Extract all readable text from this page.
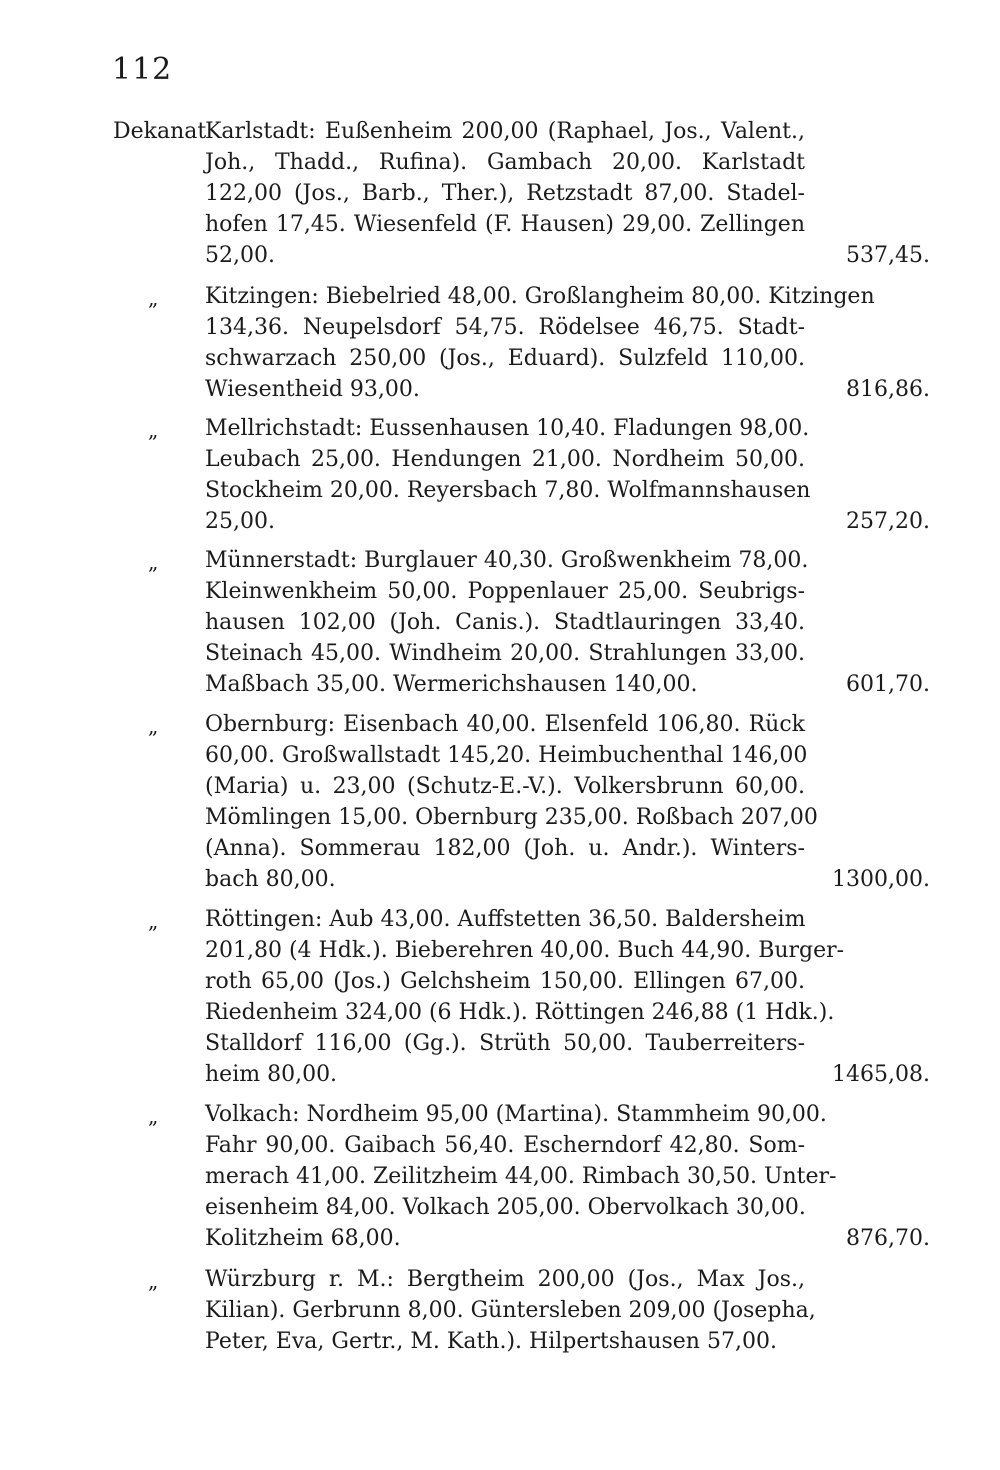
112
Dekanat
Karlstadt: Eußenheim 200,00 (Raphael, Jos., Valent.,
Joh., Thadd., Rufina). Gambach 20,00. Karlstadt
122,00 (Jos., Barb., Ther.), Retzstadt 87,00. Stadel-
hofen 17,45. Wiesenfeld (F. Hausen) 29,00. Zellingen
52,00.	537,45.
„ Kitzingen: Biebelried 48,00. Großlangheim 80,00. Kitzingen
134,36. Neupelsdorf 54,75. Rödelsee 46,75. Stadt-
schwarzach 250,00 (Jos., Eduard). Sulzfeld 110,00.
Wiesentheid 93,00.	816,86.
„ Mellrichstadt: Eussenhausen 10,40. Fladungen 98,00.
Leubach 25,00. Hendungen 21,00. Nordheim 50,00.
Stockheim 20,00. Reyersbach 7,80. Wolfmannshausen
25,00.	257,20.
„ Münnerstadt: Burglauer 40,30. Großwenkheim 78,00.
Kleinwenkheim 50,00. Poppenlauer 25,00. Seubrigs-
hausen 102,00 (Joh. Canis.). Stadtlauringen 33,40.
Steinach 45,00. Windheim 20,00. Strahlungen 33,00.
Maßbach 35,00. Wermerichshausen 140,00.	601,70.
„ Obernburg: Eisenbach 40,00. Elsenfeld 106,80. Rück
60,00. Großwallstadt 145,20. Heimbuchenthal 146,00
(Maria) u. 23,00 (Schutz-E.-V.). Volkersbrunn 60,00.
Mömlingen 15,00. Obernburg 235,00. Roßbach 207,00
(Anna). Sommerau 182,00 (Joh. u. Andr.). Winters-
bach 80,00.	1300,00.
„ Röttingen: Aub 43,00. Auffstetten 36,50. Baldersheim
201,80 (4 Hdk.). Bieberehren 40,00. Buch 44,90. Burger-
roth 65,00 (Jos.) Gelchsheim 150,00. Ellingen 67,00.
Riedenheim 324,00 (6 Hdk.). Röttingen 246,88 (1 Hdk.).
Stalldorf 116,00 (Gg.). Strüth 50,00. Tauberreiters-
heim 80,00.	1465,08.
„ Volkach: Nordheim 95,00 (Martina). Stammheim 90,00.
Fahr 90,00. Gaibach 56,40. Escherndorf 42,80. Som-
merach 41,00. Zeilitzheim 44,00. Rimbach 30,50. Unter-
eisenheim 84,00. Volkach 205,00. Obervolkach 30,00.
Kolitzheim 68,00.	876,70.
„ Würzburg r. M.: Bergtheim 200,00 (Jos., Max Jos.,
Kilian). Gerbrunn 8,00. Güntersleben 209,00 (Josepha,
Peter, Eva, Gertr., M. Kath.). Hilpertshausen 57,00.
